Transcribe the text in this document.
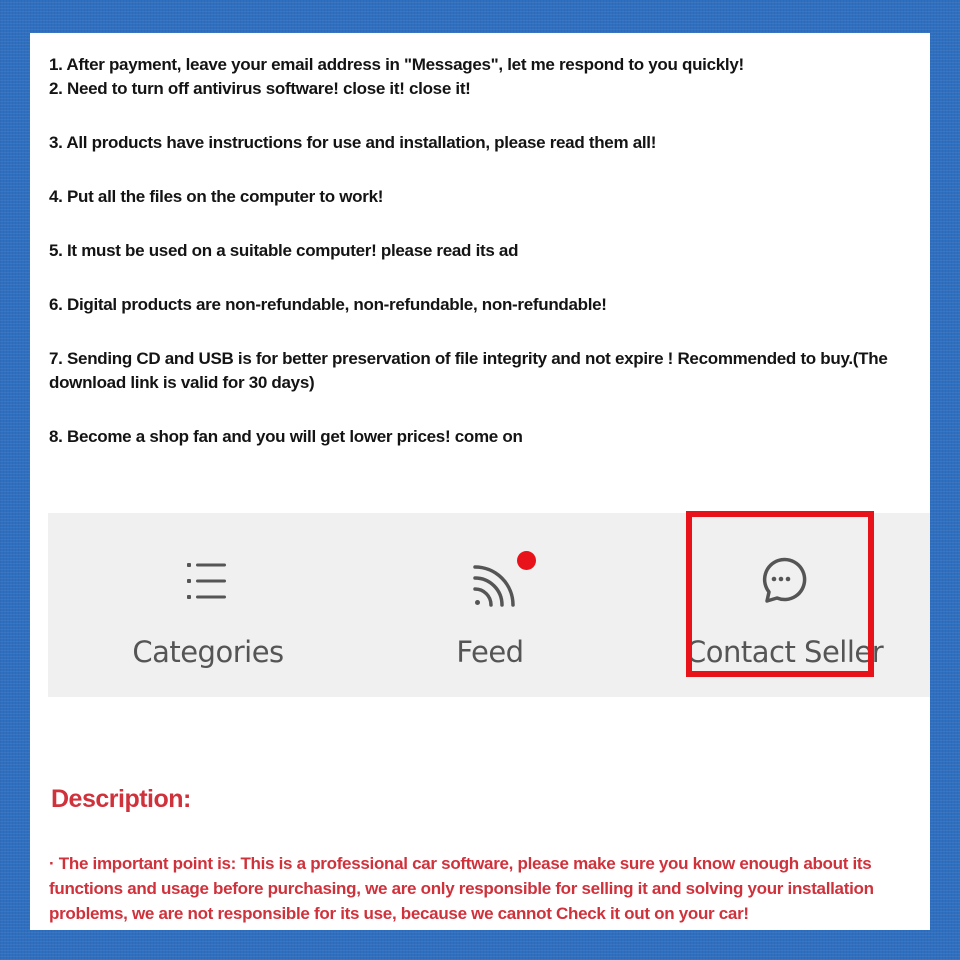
1. After payment, leave your email address in "Messages", let me respond to you quickly!

2. Need to turn off antivirus software! close it! close it!

3. All products have instructions for use and installation, please read them all!

4. Put all the files on the computer to work!

5. It must be used on a suitable computer! please read its ad

6. Digital products are non-refundable, non-refundable, non-refundable!

7. Sending CD and USB is for better preservation of file integrity and not expire ! Recommended to buy.(The download link is valid for 30 days)

8. Become a shop fan and you will get lower prices! come on

Categories	Feed	Contact Seller
Description:
· The important point is: This is a professional car software, please make sure you know enough about its functions and usage before purchasing, we are only responsible for selling it and solving your installation problems, we are not responsible for its use, because we cannot Check it out on your car!
